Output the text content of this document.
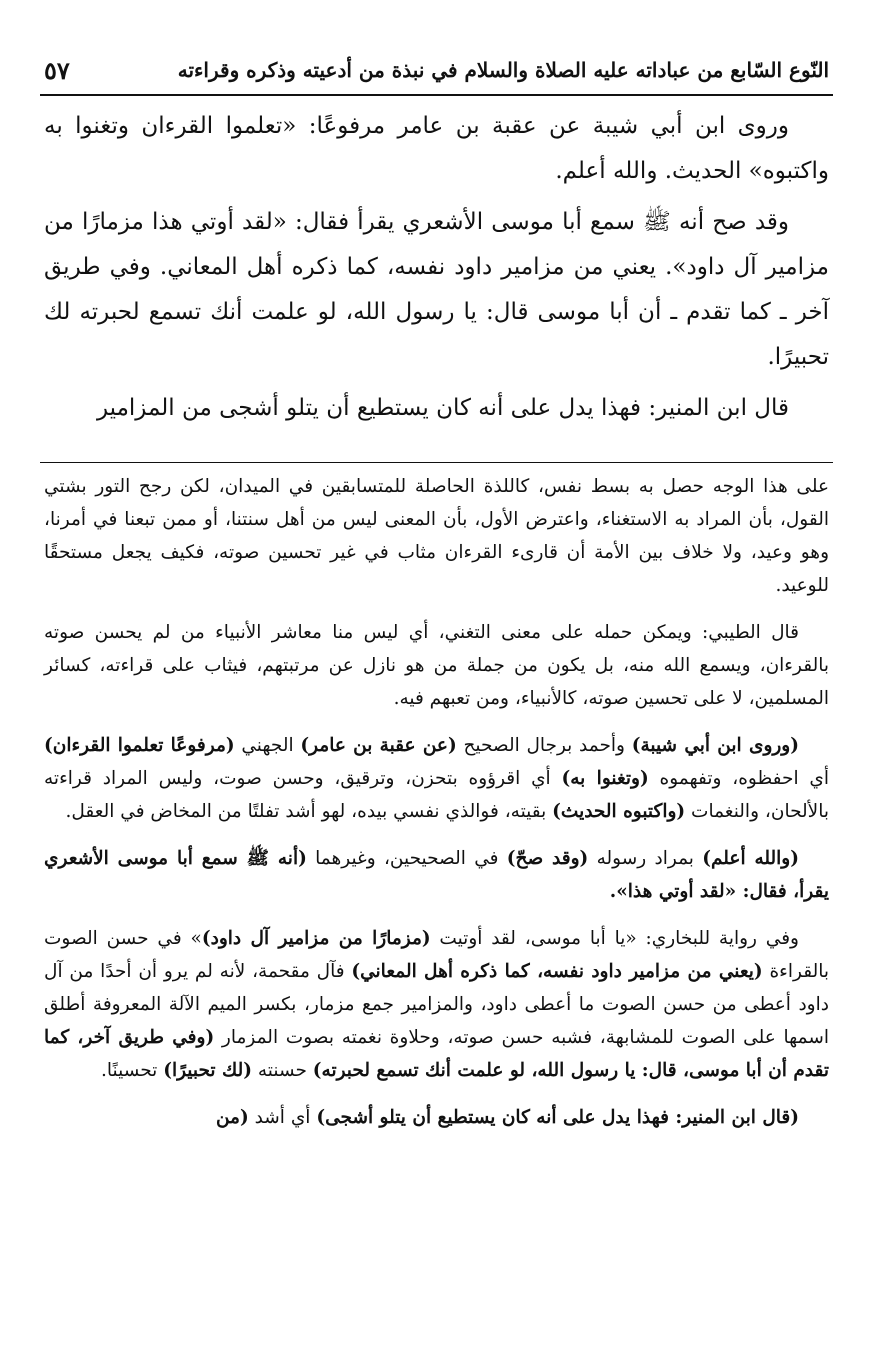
النّوع السّابع من عباداته عليه الصلاة والسلام في نبذة من أدعيته وذكره وقراءته
٥٧

وروى ابن أبي شيبة عن عقبة بن عامر مرفوعًا: «تعلموا القرءان وتغنوا به واكتبوه» الحديث. والله أعلم.

وقد صح أنه ﷺ سمع أبا موسى الأشعري يقرأ فقال: «لقد أوتي هذا مزمارًا من مزامير آل داود». يعني من مزامير داود نفسه، كما ذكره أهل المعاني. وفي طريق آخر ـ كما تقدم ـ أن أبا موسى قال: يا رسول الله، لو علمت أنك تسمع لحبرته لك تحبيرًا.

قال ابن المنير: فهذا يدل على أنه كان يستطيع أن يتلو أشجى من المزامير

على هذا الوجه حصل به بسط نفس، كاللذة الحاصلة للمتسابقين في الميدان، لكن رجح التور بشتي القول، بأن المراد به الاستغناء، واعترض الأول، بأن المعنى ليس من أهل سنتنا، أو ممن تبعنا في أمرنا، وهو وعيد، ولا خلاف بين الأمة أن قارىء القرءان مثاب في غير تحسين صوته، فكيف يجعل مستحقًا للوعيد.

قال الطيبي: ويمكن حمله على معنى التغني، أي ليس منا معاشر الأنبياء من لم يحسن صوته بالقرءان، ويسمع الله منه، بل يكون من جملة من هو نازل عن مرتبتهم، فيثاب على قراءته، كسائر المسلمين، لا على تحسين صوته، كالأنبياء، ومن تعبهم فيه.

(وروى ابن أبي شيبة) وأحمد برجال الصحيح (عن عقبة بن عامر) الجهني (مرفوعًا تعلموا القرءان) أي احفظوه، وتفهموه (وتغنوا به) أي اقرؤوه بتحزن، وترقيق، وحسن صوت، وليس المراد قراءته بالألحان، والنغمات (واكتبوه الحديث) بقيته، فوالذي نفسي بيده، لهو أشد تفلتًا من المخاض في العقل.

(والله أعلم) بمراد رسوله (وقد صحّ) في الصحيحين، وغيرهما (أنه ﷺ سمع أبا موسى الأشعري يقرأ، فقال: «لقد أوتي هذا».

وفي رواية للبخاري: «يا أبا موسى، لقد أوتيت (مزمارًا من مزامير آل داود)» في حسن الصوت بالقراءة (يعني من مزامير داود نفسه، كما ذكره أهل المعاني) فآل مقحمة، لأنه لم يرو أن أحدًا من آل داود أعطى من حسن الصوت ما أعطى داود، والمزامير جمع مزمار، بكسر الميم الآلة المعروفة أطلق اسمها على الصوت للمشابهة، فشبه حسن صوته، وحلاوة نغمته بصوت المزمار (وفي طريق آخر، كما تقدم أن أبا موسى، قال: يا رسول الله، لو علمت أنك تسمع لحبرته) حسنته (لك تحبيرًا) تحسينًا.

(قال ابن المنير: فهذا يدل على أنه كان يستطيع أن يتلو أشجى) أي أشد (من
